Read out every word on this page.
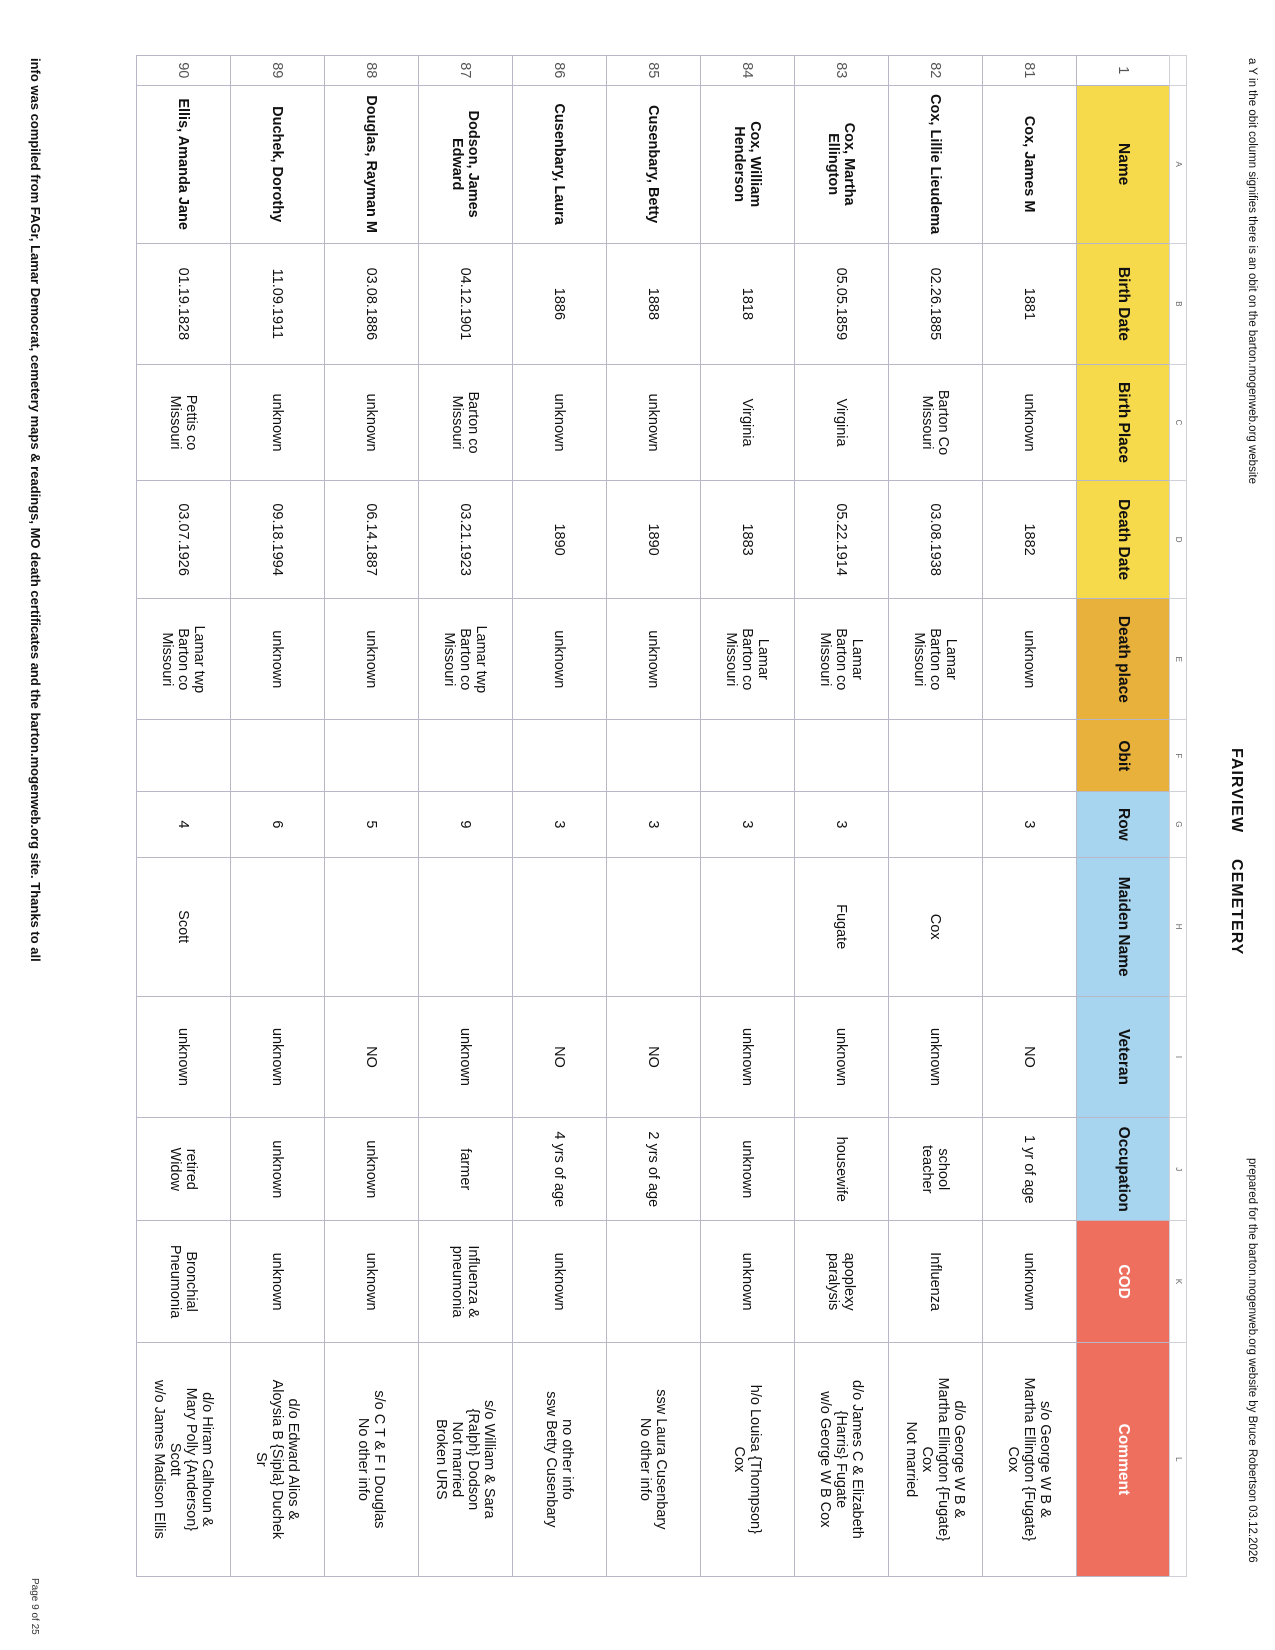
a Y in the obit column signifies there is an obit on the barton.mogenweb.org website
FAIRVIEWCEMETERY
prepared for the barton.mogenweb.org website by Bruce Robertson 03.12.2026
	A	B	C	D	E	F	G	H	I	J	K	L
1	Name	Birth Date	Birth Place	Death Date	Death place	Obit	Row	Maiden Name	Veteran	Occupation	COD	Comment
81	Cox, James M	1881	unknown	1882	unknown		3		NO	1 yr of age	unknown	s/o George W B &
Martha Ellington {Fugate}
Cox
82	Cox, Lillie Lieudema	02.26.1885	Barton Co
Missouri	03.08.1938	Lamar
Barton co
Missouri			Cox	unknown	school
teacher	Influenza	d/o George W B &
Martha Ellington {Fugate}
Cox
Not married
83	Cox, Martha
Ellington	05.05.1859	Virginia	05.22.1914	Lamar
Barton co
Missouri		3	Fugate	unknown	housewife	apoplexy
paralysis	d/o James C & Elizabeth
{Harris} Fugate
w/o George W B Cox
84	Cox, William
Henderson	1818	Virginia	1883	Lamar
Barton co
Missouri		3		unknown	unknown	unknown	h/o Louisa {Thompson}
Cox
85	Cusenbary, Betty	1888	unknown	1890	unknown		3		NO	2 yrs of age		ssw Laura Cusenbary
No other info
86	Cusenbary, Laura	1886	unknown	1890	unknown		3		NO	4 yrs of age	unknown	no other info
ssw Betty Cusenbary
87	Dodson, James
Edward	04.12.1901	Barton co
Missouri	03.21.1923	Lamar twp
Barton co
Missouri		9		unknown	farmer	Influenza &
pneumonia	s/o William & Sara
{Ralph} Dodson
Not married
Broken URS
88	Douglas, Rayman M	03.08.1886	unknown	06.14.1887	unknown		5		NO	unknown	unknown	s/o C T & F I Douglas
No other info
89	Duchek, Dorothy	11.09.1911	unknown	09.18.1994	unknown		6		unknown	unknown	unknown	d/o Edward Alios &
Aloysia B {Sipla} Duchek
Sr
90	Ellis, Amanda Jane	01.19.1828	Pettis co
Missouri	03.07.1926	Lamar twp
Barton co
Missouri		4	Scott	unknown	retired
Widow	Bronchial
Pneumonia	d/o Hiram Calhoun &
Mary Polly {Anderson}
Scott
w/o James Madison Ellis
info was compiled from FAGr, Lamar Democrat, cemetery maps & readings, MO death certificates and the barton.mogenweb.org site. Thanks to all
Page 9 of 25
